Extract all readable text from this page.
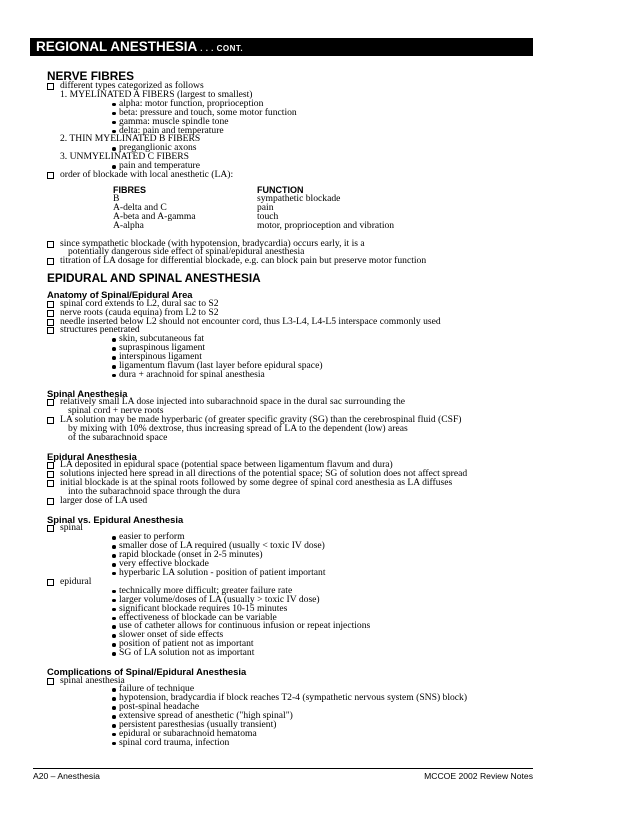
REGIONAL ANESTHESIA . . . CONT.
NERVE FIBRES
different types categorized as follows
1. MYELINATED A FIBERS (largest to smallest)
alpha: motor function, proprioception
beta: pressure and touch, some motor function
gamma: muscle spindle tone
delta: pain and temperature
2. THIN MYELINATED B FIBERS
preganglionic axons
3. UNMYELINATED C FIBERS
pain and temperature
order of blockade with local anesthetic (LA):
FIBRES	FUNCTION
B	sympathetic blockade
A-delta and C	pain
A-beta and A-gamma	touch
A-alpha	motor, proprioception and vibration
since sympathetic blockade (with hypotension, bradycardia) occurs early, it is a
potentially dangerous side effect of spinal/epidural anesthesia
titration of LA dosage for differential blockade, e.g. can block pain but preserve motor function
EPIDURAL AND SPINAL ANESTHESIA
Anatomy of Spinal/Epidural Area
spinal cord extends to L2, dural sac to S2
nerve roots (cauda equina) from L2 to S2
needle inserted below L2 should not encounter cord, thus L3-L4, L4-L5 interspace commonly used
structures penetrated
skin, subcutaneous fat
supraspinous ligament
interspinous ligament
ligamentum flavum (last layer before epidural space)
dura + arachnoid for spinal anesthesia
Spinal Anesthesia
relatively small LA dose injected into subarachnoid space in the dural sac surrounding the
spinal cord + nerve roots
LA solution may be made hyperbaric (of greater specific gravity (SG) than the cerebrospinal fluid (CSF)
by mixing with 10% dextrose, thus increasing spread of LA to the dependent (low) areas
of the subarachnoid space
Epidural Anesthesia
LA deposited in epidural space (potential space between ligamentum flavum and dura)
solutions injected here spread in all directions of the potential space; SG of solution does not affect spread
initial blockade is at the spinal roots followed by some degree of spinal cord anesthesia as LA diffuses
into the subarachnoid space through the dura
larger dose of LA used
Spinal vs. Epidural Anesthesia
spinal
easier to perform
smaller dose of LA required (usually < toxic IV dose)
rapid blockade (onset in 2-5 minutes)
very effective blockade
hyperbaric LA solution - position of patient important
epidural
technically more difficult; greater failure rate
larger volume/doses of LA (usually > toxic IV dose)
significant blockade requires 10-15 minutes
effectiveness of blockade can be variable
use of catheter allows for continuous infusion or repeat injections
slower onset of side effects
position of patient not as important
SG of LA solution not as important
Complications of Spinal/Epidural Anesthesia
spinal anesthesia
failure of technique
hypotension, bradycardia if block reaches T2-4 (sympathetic nervous system (SNS) block)
post-spinal headache
extensive spread of anesthetic ("high spinal")
persistent paresthesias (usually transient)
epidural or subarachnoid hematoma
spinal cord trauma, infection
A20 – Anesthesia	MCCOE 2002 Review Notes
